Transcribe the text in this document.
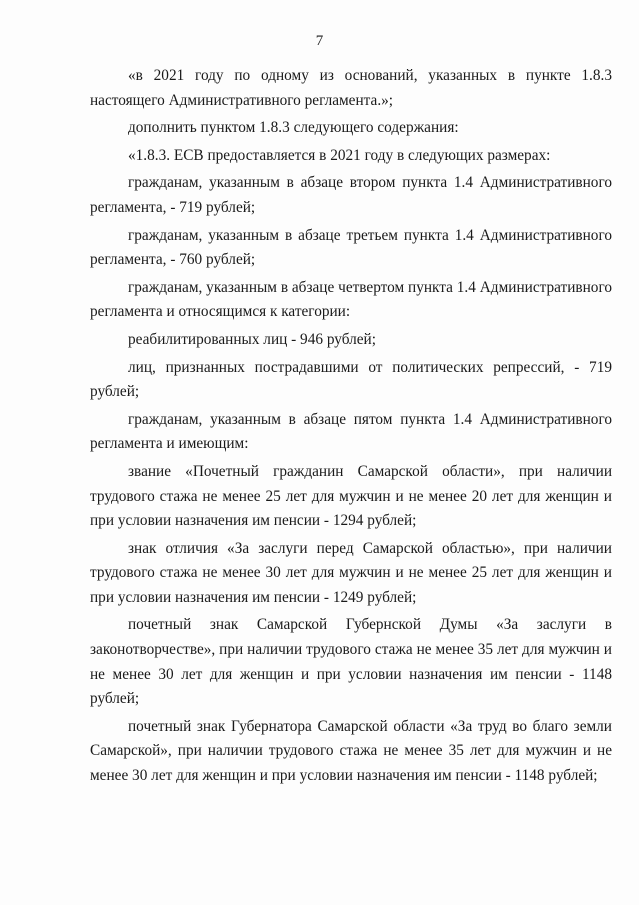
7

«в 2021 году по одному из оснований, указанных в пункте 1.8.3 настоящего Административного регламента.»;

дополнить пунктом 1.8.3 следующего содержания:

«1.8.3. ЕСВ предоставляется в 2021 году в следующих размерах:

гражданам, указанным в абзаце втором пункта 1.4 Административного регламента, - 719 рублей;

гражданам, указанным в абзаце третьем пункта 1.4 Административного регламента, - 760 рублей;

гражданам, указанным в абзаце четвертом пункта 1.4 Административного регламента и относящимся к категории:

реабилитированных лиц - 946 рублей;

лиц, признанных пострадавшими от политических репрессий, - 719 рублей;

гражданам, указанным в абзаце пятом пункта 1.4 Административного регламента и имеющим:

звание «Почетный гражданин Самарской области», при наличии трудового стажа не менее 25 лет для мужчин и не менее 20 лет для женщин и при условии назначения им пенсии - 1294 рублей;

знак отличия «За заслуги перед Самарской областью», при наличии трудового стажа не менее 30 лет для мужчин и не менее 25 лет для женщин и при условии назначения им пенсии - 1249 рублей;

почетный знак Самарской Губернской Думы «За заслуги в законотворчестве», при наличии трудового стажа не менее 35 лет для мужчин и не менее 30 лет для женщин и при условии назначения им пенсии - 1148 рублей;

почетный знак Губернатора Самарской области «За труд во благо земли Самарской», при наличии трудового стажа не менее 35 лет для мужчин и не менее 30 лет для женщин и при условии назначения им пенсии - 1148 рублей;
